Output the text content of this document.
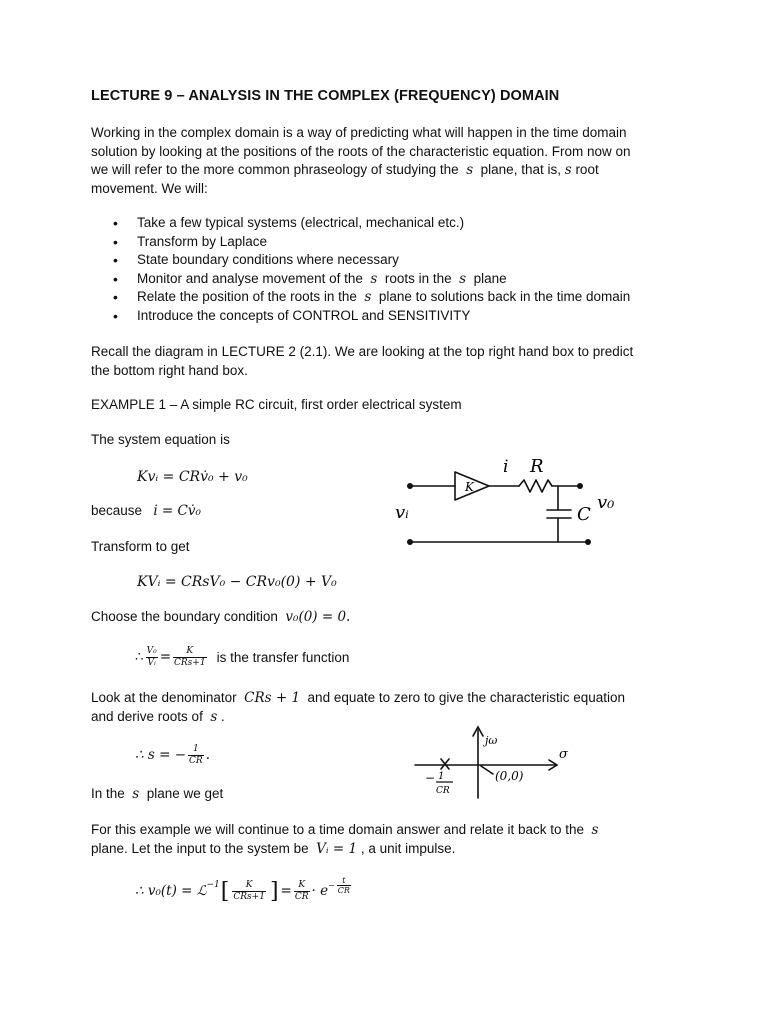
LECTURE 9 – ANALYSIS IN THE COMPLEX (FREQUENCY) DOMAIN
Working in the complex domain is a way of predicting what will happen in the time domain
solution by looking at the positions of the roots of the characteristic equation. From now on
we will refer to the more common phraseology of studying the s plane, that is, s root
movement. We will:
• Take a few typical systems (electrical, mechanical etc.)
• Transform by Laplace
• State boundary conditions where necessary
• Monitor and analyse movement of the s roots in the s plane
• Relate the position of the roots in the s plane to solutions back in the time domain
• Introduce the concepts of CONTROL and SENSITIVITY
Recall the diagram in LECTURE 2 (2.1). We are looking at the top right hand box to predict
the bottom right hand box.
EXAMPLE 1 – A simple RC circuit, first order electrical system
The system equation is
Kvᵢ = CRv̇₀ + v₀
because i = Cv̇₀
Transform to get
KVᵢ = CRsV₀ − CRv₀(0) + V₀
Choose the boundary condition v₀(0) = 0.
∴ $\frac{\text{V₀}}{\text{Vᵢ}} = \frac{K}{\text{CRs+1}}$ is the transfer function
Look at the denominator CRs + 1 and equate to zero to give the characteristic equation
and derive roots of s .
∴ s = − $\frac{1}{CR}$ .
In the s plane we get
For this example we will continue to a time domain answer and relate it back to the s
plane. Let the input to the system be Vᵢ = 1 , a unit impulse.
∴ v₀(t) = ℒ$^{-1}$ [ $\frac{K}{\text{CRs+1}}$ ] = $\frac{K}{CR} \cdot e - \frac{t}{CR}$
K
i R
vᵢ	C
v₀
jω
σ
− 1
CR
(0,0)
